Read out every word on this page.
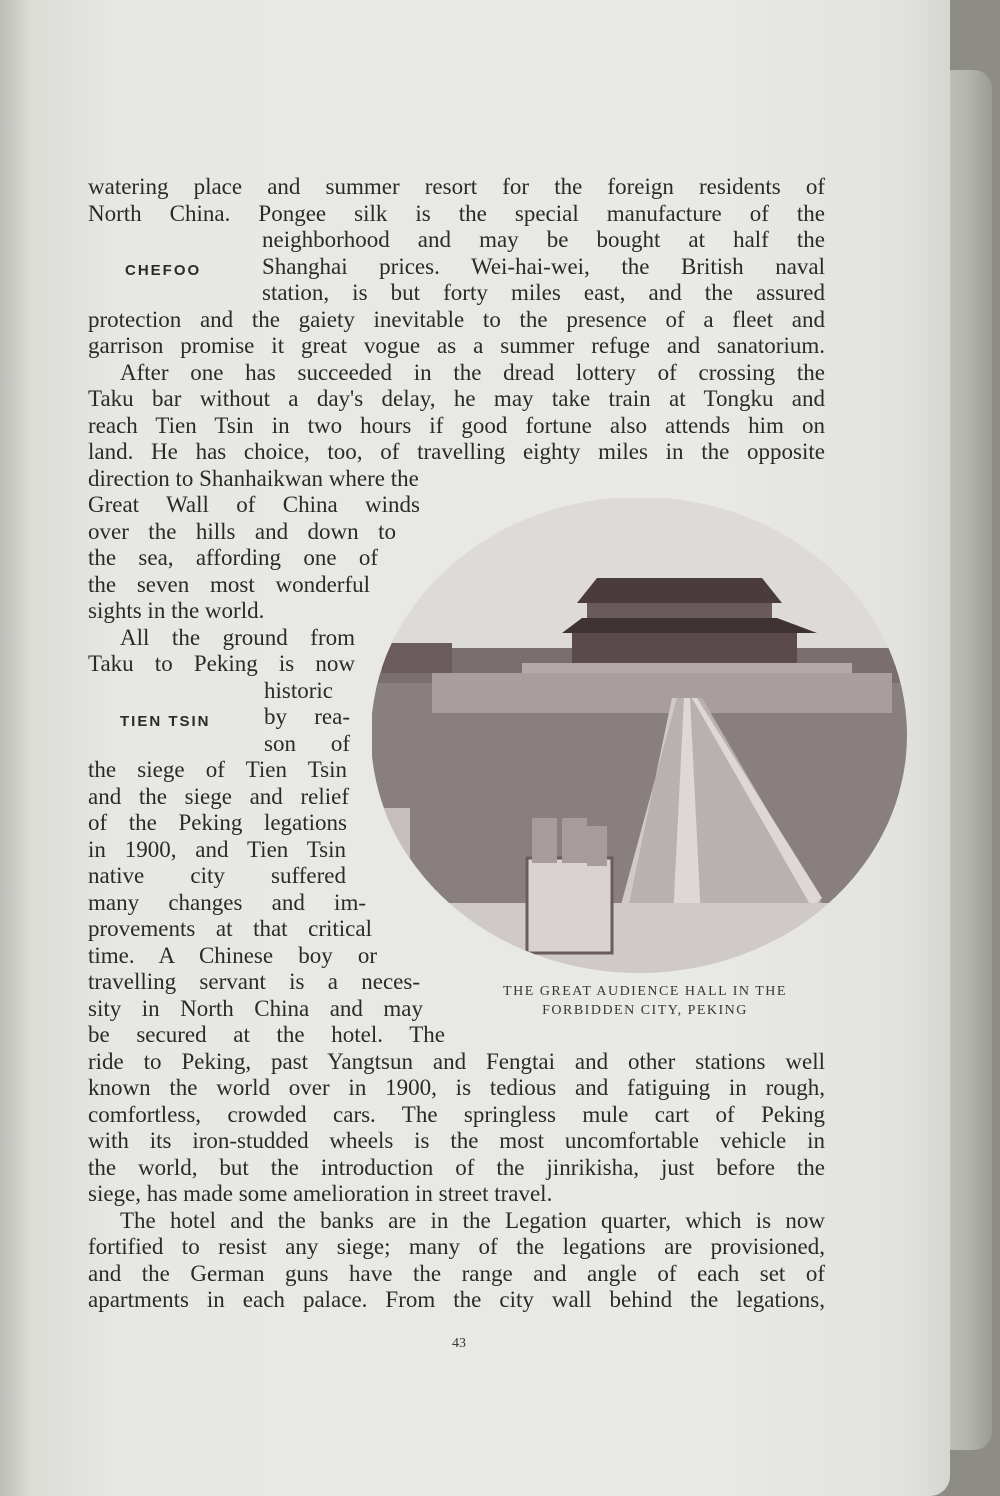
watering place and summer resort for the foreign residents of
North China. Pongee silk is the special manufacture of the
neighborhood and may be bought at half the
Shanghai prices. Wei-hai-wei, the British naval
station, is but forty miles east, and the assured
protection and the gaiety inevitable to the presence of a fleet and
garrison promise it great vogue as a summer refuge and sanatorium.
After one has succeeded in the dread lottery of crossing the
Taku bar without a day's delay, he may take train at Tongku and
reach Tien Tsin in two hours if good fortune also attends him on
land. He has choice, too, of travelling eighty miles in the opposite
direction to Shanhaikwan where the
Great Wall of China winds
over the hills and down to
the sea, affording one of
the seven most wonderful
sights in the world.
All the ground from
Taku to Peking is now
historic
by rea-
son of
the siege of Tien Tsin
and the siege and relief
of the Peking legations
in 1900, and Tien Tsin
native city suffered
many changes and im-
provements at that critical
time. A Chinese boy or
travelling servant is a neces-
sity in North China and may
be secured at the hotel. The
ride to Peking, past Yangtsun and Fengtai and other stations well
known the world over in 1900, is tedious and fatiguing in rough,
comfortless, crowded cars. The springless mule cart of Peking
with its iron-studded wheels is the most uncomfortable vehicle in
the world, but the introduction of the jinrikisha, just before the
siege, has made some amelioration in street travel.
The hotel and the banks are in the Legation quarter, which is now
fortified to resist any siege; many of the legations are provisioned,
and the German guns have the range and angle of each set of
apartments in each palace. From the city wall behind the legations,
CHEFOO
TIEN TSIN
THE GREAT AUDIENCE HALL IN THE
FORBIDDEN CITY, PEKING
43
